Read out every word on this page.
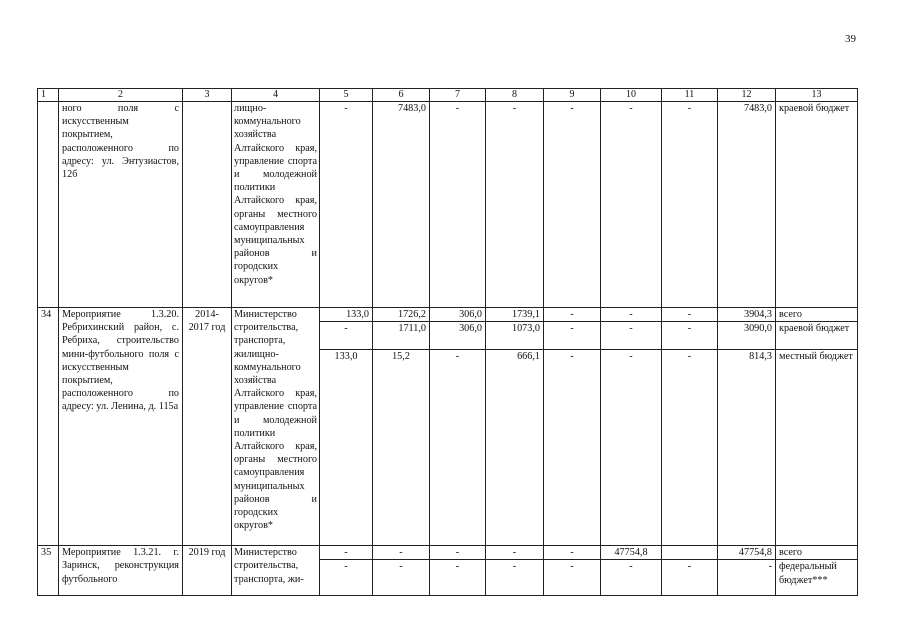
39
1	2	3	4	5	6	7	8	9	10	11	12	13
	ного поля с искусственным покрытием, расположенного по адресу: ул. Энтузиастов, 12б		лищно-коммунального хозяйства Алтайского края, управление спорта и молодежной политики Алтайского края, органы местного самоуправления муниципальных районов и городских округов*	-	7483,0	-	-	-	-	-	7483,0	краевой бюджет
34	Мероприятие 1.3.20. Ребрихинский район, с. Ребриха, строительство мини-футбольного поля с искусственным покрытием, расположенного по адресу: ул. Ленина, д. 115а	2014-2017 год	Министерство строительства, транспорта, жилищно-коммунального хозяйства Алтайского края, управление спорта и молодежной политики Алтайского края, органы местного самоуправления муниципальных районов и городских округов*	133,0	1726,2	306,0	1739,1	-	-	-	3904,3	всего
				-	1711,0	306,0	1073,0	-	-	-	3090,0	краевой бюджет
				133,0	15,2	-	666,1	-	-	-	814,3	местный бюджет
35	Мероприятие 1.3.21. г. Заринск, реконструкция футбольного	2019 год	Министерство строительства, транспорта, жи-	-	-	-	-	-	47754,8		47754,8	всего
				-	-	-	-	-	-	-	-	федеральный бюджет***
